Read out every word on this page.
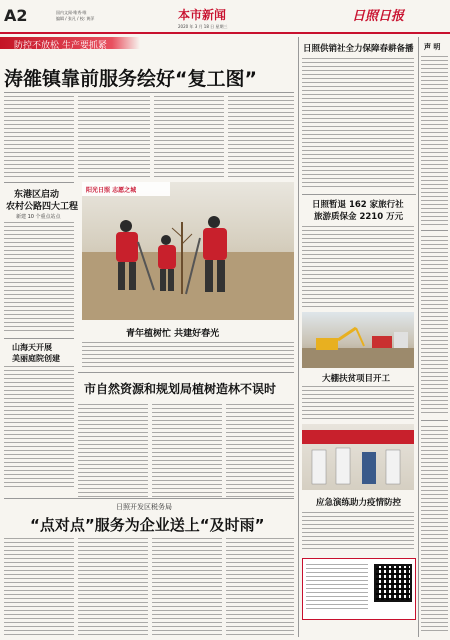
A2	国内文闻·唯秀·唯
编辑 / 张凡 / 校: 黄萍	本市新闻
2020 年 3 月 18 日 星期三
日照日报
防控不放松 生产要抓紧
涛雒镇靠前服务绘好“复工图”
东港区启动
农村公路四大工程
新建 10 个重点站点
山海天开展
美丽庭院创建
阳光日照 志愿之城
青年植树忙 共建好春光
市自然资源和规划局植树造林不误时
日照开发区税务局
“点对点”服务为企业送上“及时雨”
日照供销社全力保障春耕备播
日照暂退 162 家旅行社
旅游质保金 2210 万元
大棚扶贫项目开工
应急演练助力疫情防控
声 明
